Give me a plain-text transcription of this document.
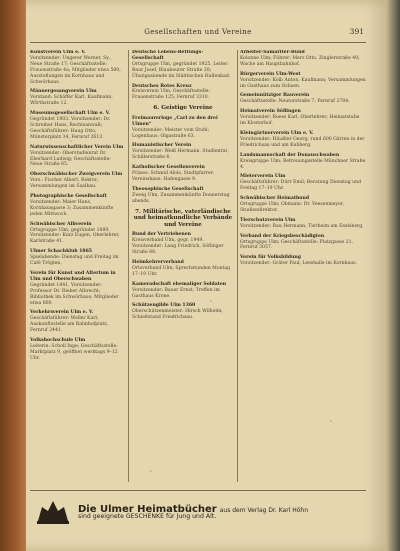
Gesellschaften und Vereine	391
Kunstverein Ulm e. V.
Vorsitzender: Ungerer Werner, Sy., Neue Straße 17; Geschäftsstelle: Frauenstraße 4a; Mitglieder etwa 500; Ausstellungen im Kornhaus und Schwörhaus.
Männergesangverein Ulm
Vorstand: Schäffer Karl, Kaufmann, Wörthstraße 12.
Museumsgesellschaft Ulm e. V.
Gegründet 1803. Vorsitzender: Dr. Schreiber Hans, Rechtsanwalt; Geschäftsführer: Haug Otto, Münsterplatz 34, Fernruf 2613.
Naturwissenschaftlicher Verein Ulm
Vorsitzender: Oberstudienrat Dr. Eberhard Ludwig; Geschäftsstelle: Neue Straße 85.
Oberschwäbischer Zweigverein Ulm
Vors.: Fischer Albert, Rektor; Versammlungen im Saalbau.
Photographische Gesellschaft
Vorsitzender: Maier Hans, Kornhausgasse 3; Zusammenkünfte jeden Mittwoch.
Schwäbischer Albverein
Ortsgruppe Ulm, gegründet 1889. Vorsitzender: Kurz Eugen, Oberlehrer, Karlstraße 41.
Ulmer Schachklub 1865
Spielabende: Dienstag und Freitag im Café Tröglen.
Verein für Kunst und Altertum in Ulm und Oberschwaben
Gegründet 1841. Vorsitzender: Professor Dr. Rieber Albrecht; Bibliothek im Schwörhaus; Mitglieder etwa 800.
Verkehrsverein Ulm e. V.
Geschäftsführer: Weller Karl; Auskunftsstelle am Bahnhofplatz, Fernruf 2441.
Volkshochschule Ulm
Leiterin: Scholl Inge; Geschäftsstelle: Marktplatz 9, geöffnet werktags 9–12 Uhr.
Deutsche Lebens-Rettungs-Gesellschaft
Ortsgruppe Ulm, gegründet 1925. Leiter: Baur Josef, Blaubeurer Straße 20; Übungsabende im Städtischen Hallenbad.
Deutsches Rotes Kreuz
Kreisverein Ulm, Geschäftsstelle: Frauenstraße 125, Fernruf 3310.
6. Geistige Vereine
Freimaurerloge „Carl zu den drei Ulmen“
Vorsitzender: Meister vom Stuhl; Logenhaus: Olgastraße 63.
Humanistischer Verein
Vorsitzender: Weiß Hermann, Studienrat, Schillerstraße 6.
Katholischer Gesellenverein
Präses: Schmid Alois, Stadtpfarrer; Vereinshaus: Hafengasse 9.
Theosophische Gesellschaft
Zweig Ulm, Zusammenkünfte Donnerstag abends.
7. Militärische, vaterländische und heimatkundliche Verbände und Vereine
Bund der Vertriebenen
Kreisverband Ulm, gegr. 1949. Vorsitzender: Lang Friedrich, Söflinger Straße 88.
Heimkehrerverband
Ortsverband Ulm; Sprechstunden Montag 17–19 Uhr.
Kameradschaft ehemaliger Soldaten
Vorsitzender: Bauer Ernst; Treffen im Gasthaus Krone.
Schützengilde Ulm 1360
Oberschützenmeister: Hirsch Wilhelm; Schießstand Friedrichsau.
Arbeiter-Samariter-Bund
Kolonne Ulm; Führer: Merz Otto, Zinglerstraße 40; Wache am Hauptbahnhof.
Bürgerverein Ulm-West
Vorsitzender: Kolb Anton, Kaufmann; Versammlungen im Gasthaus zum Ochsen.
Gemeinnütziger Bauverein
Geschäftsstelle: Neutorstraße 7; Fernruf 2784.
Heimatverein Söflingen
Vorsitzender: Ruess Karl, Oberlehrer; Heimatstube im Klosterhof.
Kleingärtnerverein Ulm e. V.
Vorsitzender: Häußler Georg; rund 600 Gärten in der Friedrichsau und am Kuhberg.
Landsmannschaft der Donauschwaben
Kreisgruppe Ulm; Betreuungsstelle Münchner Straße 4.
Mieterverein Ulm
Geschäftsführer: Dürr Emil; Beratung Dienstag und Freitag 17–19 Uhr.
Schwäbischer Heimatbund
Ortsgruppe Ulm; Obmann: Dr. Veesenmeyer, Studiendirektor.
Tierschutzverein Ulm
Vorsitzender: Rau Hermann; Tierheim am Eselsberg.
Verband der Kriegsbeschädigten
Ortsgruppe Ulm; Geschäftsstelle: Platzgasse 21, Fernruf 3057.
Verein für Volksbildung
Vorsitzender: Gräter Paul; Lesehalle im Kornhaus.
Die Ulmer Heimatbücher aus dem Verlag Dr. Karl Höhn
sind geeignete GESCHENKE für Jung und Alt.
